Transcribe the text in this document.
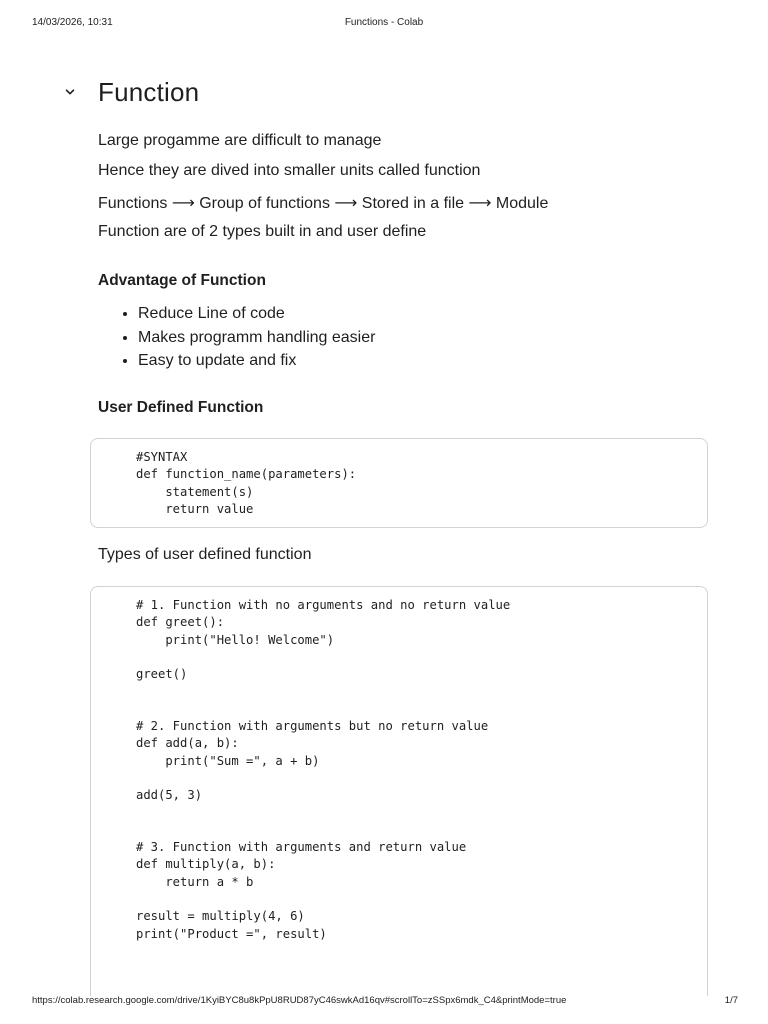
14/03/2026, 10:31	Functions - Colab
Function
Large progamme are difficult to manage
Hence they are dived into smaller units called function
Functions ⟶ Group of functions ⟶ Stored in a file ⟶ Module
Function are of 2 types built in and user define
Advantage of Function
• Reduce Line of code
• Makes programm handling easier
• Easy to update and fix
User Defined Function
#SYNTAX
def function_name(parameters):
statement(s)
return value
Types of user defined function
# 1. Function with no arguments and no return value
def greet():
print("Hello! Welcome")

greet()

# 2. Function with arguments but no return value
def add(a, b):
print("Sum =", a + b)

add(5, 3)

# 3. Function with arguments and return value
def multiply(a, b):
return a * b

result = multiply(4, 6)
print("Product =", result)
https://colab.research.google.com/drive/1KyiBYC8u8kPpU8RUD87yC46swkAd16qv#scrollTo=zSSpx6mdk_C4&printMode=true	1/7
